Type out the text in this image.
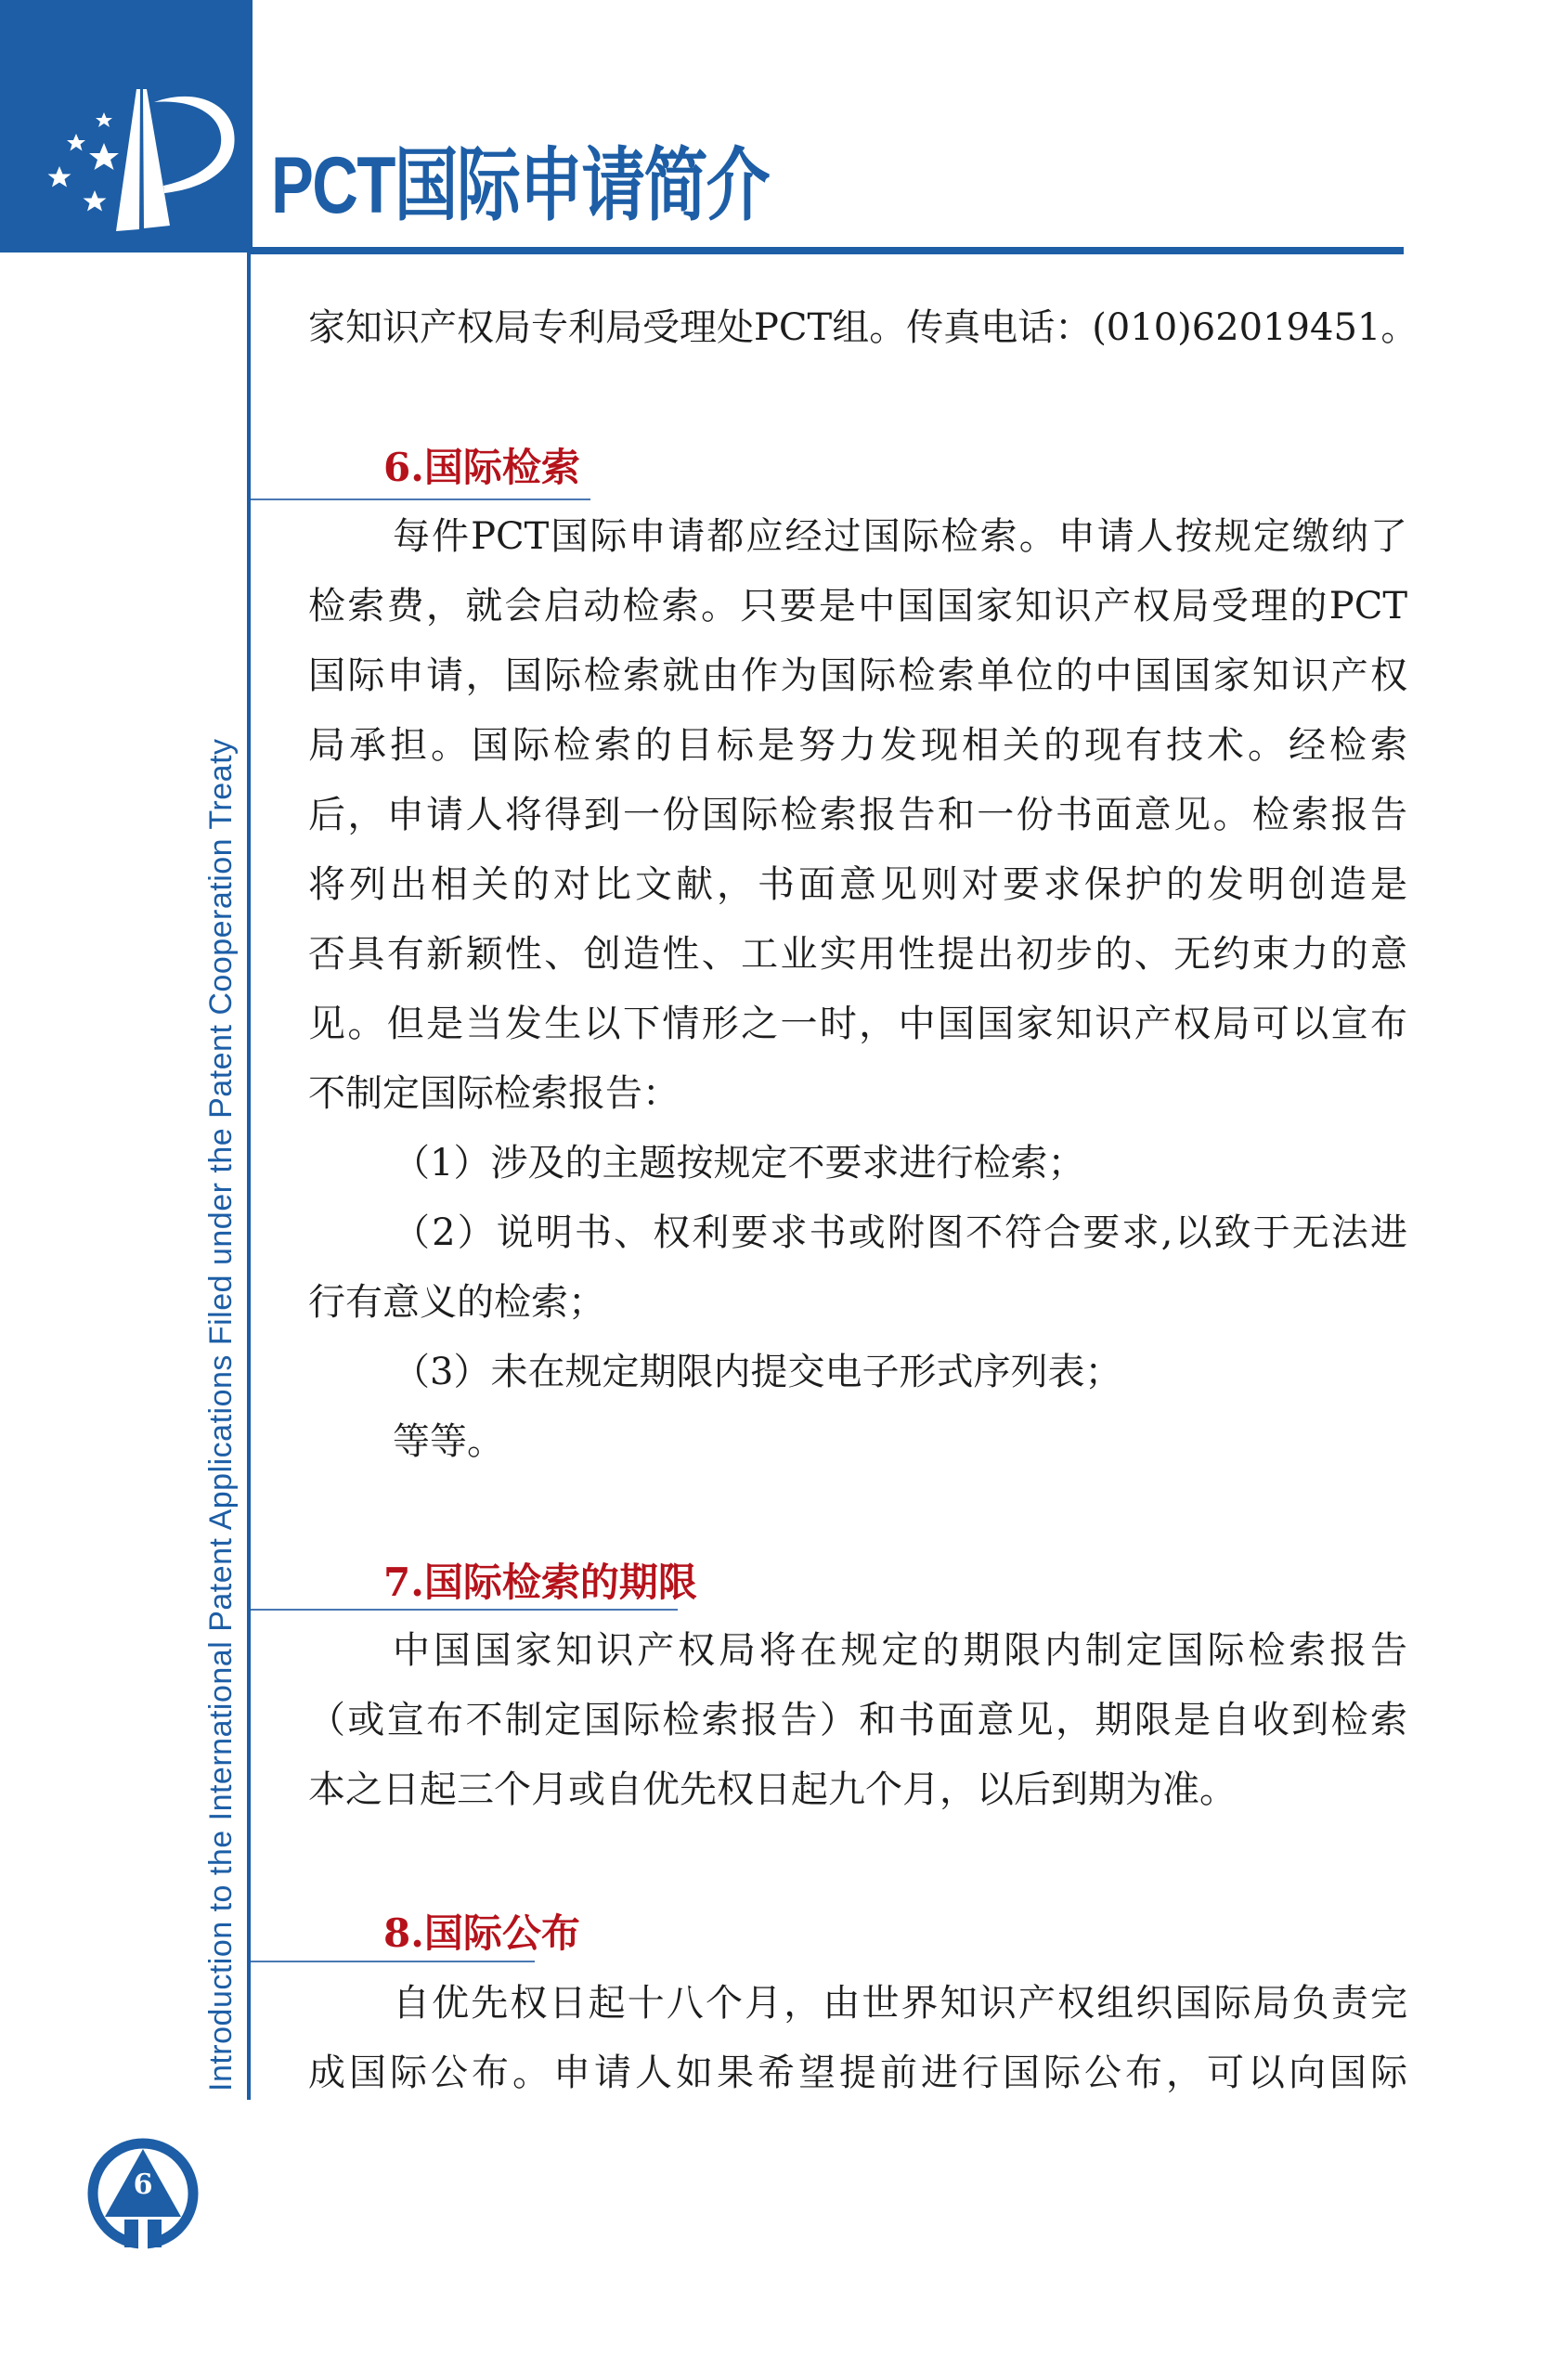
PCT国际申请简介
Introduction to the International Patent Applications Filed under the Patent Cooperation Treaty
家知识产权局专利局受理处PCT组。传真电话：(010)62019451。
6.国际检索
每件PCT国际申请都应经过国际检索。申请人按规定缴纳了
检索费，就会启动检索。只要是中国国家知识产权局受理的PCT
国际申请，国际检索就由作为国际检索单位的中国国家知识产权
局承担。国际检索的目标是努力发现相关的现有技术。经检索
后，申请人将得到一份国际检索报告和一份书面意见。检索报告
将列出相关的对比文献，书面意见则对要求保护的发明创造是
否具有新颖性、创造性、工业实用性提出初步的、无约束力的意
见。但是当发生以下情形之一时，中国国家知识产权局可以宣布
不制定国际检索报告：
（1）涉及的主题按规定不要求进行检索；
（2）说明书、权利要求书或附图不符合要求,以致于无法进
行有意义的检索；
（3）未在规定期限内提交电子形式序列表；
等等。
7.国际检索的期限
中国国家知识产权局将在规定的期限内制定国际检索报告
（或宣布不制定国际检索报告）和书面意见，期限是自收到检索
本之日起三个月或自优先权日起九个月，以后到期为准。
8.国际公布
自优先权日起十八个月，由世界知识产权组织国际局负责完
成国际公布。申请人如果希望提前进行国际公布，可以向国际
6
